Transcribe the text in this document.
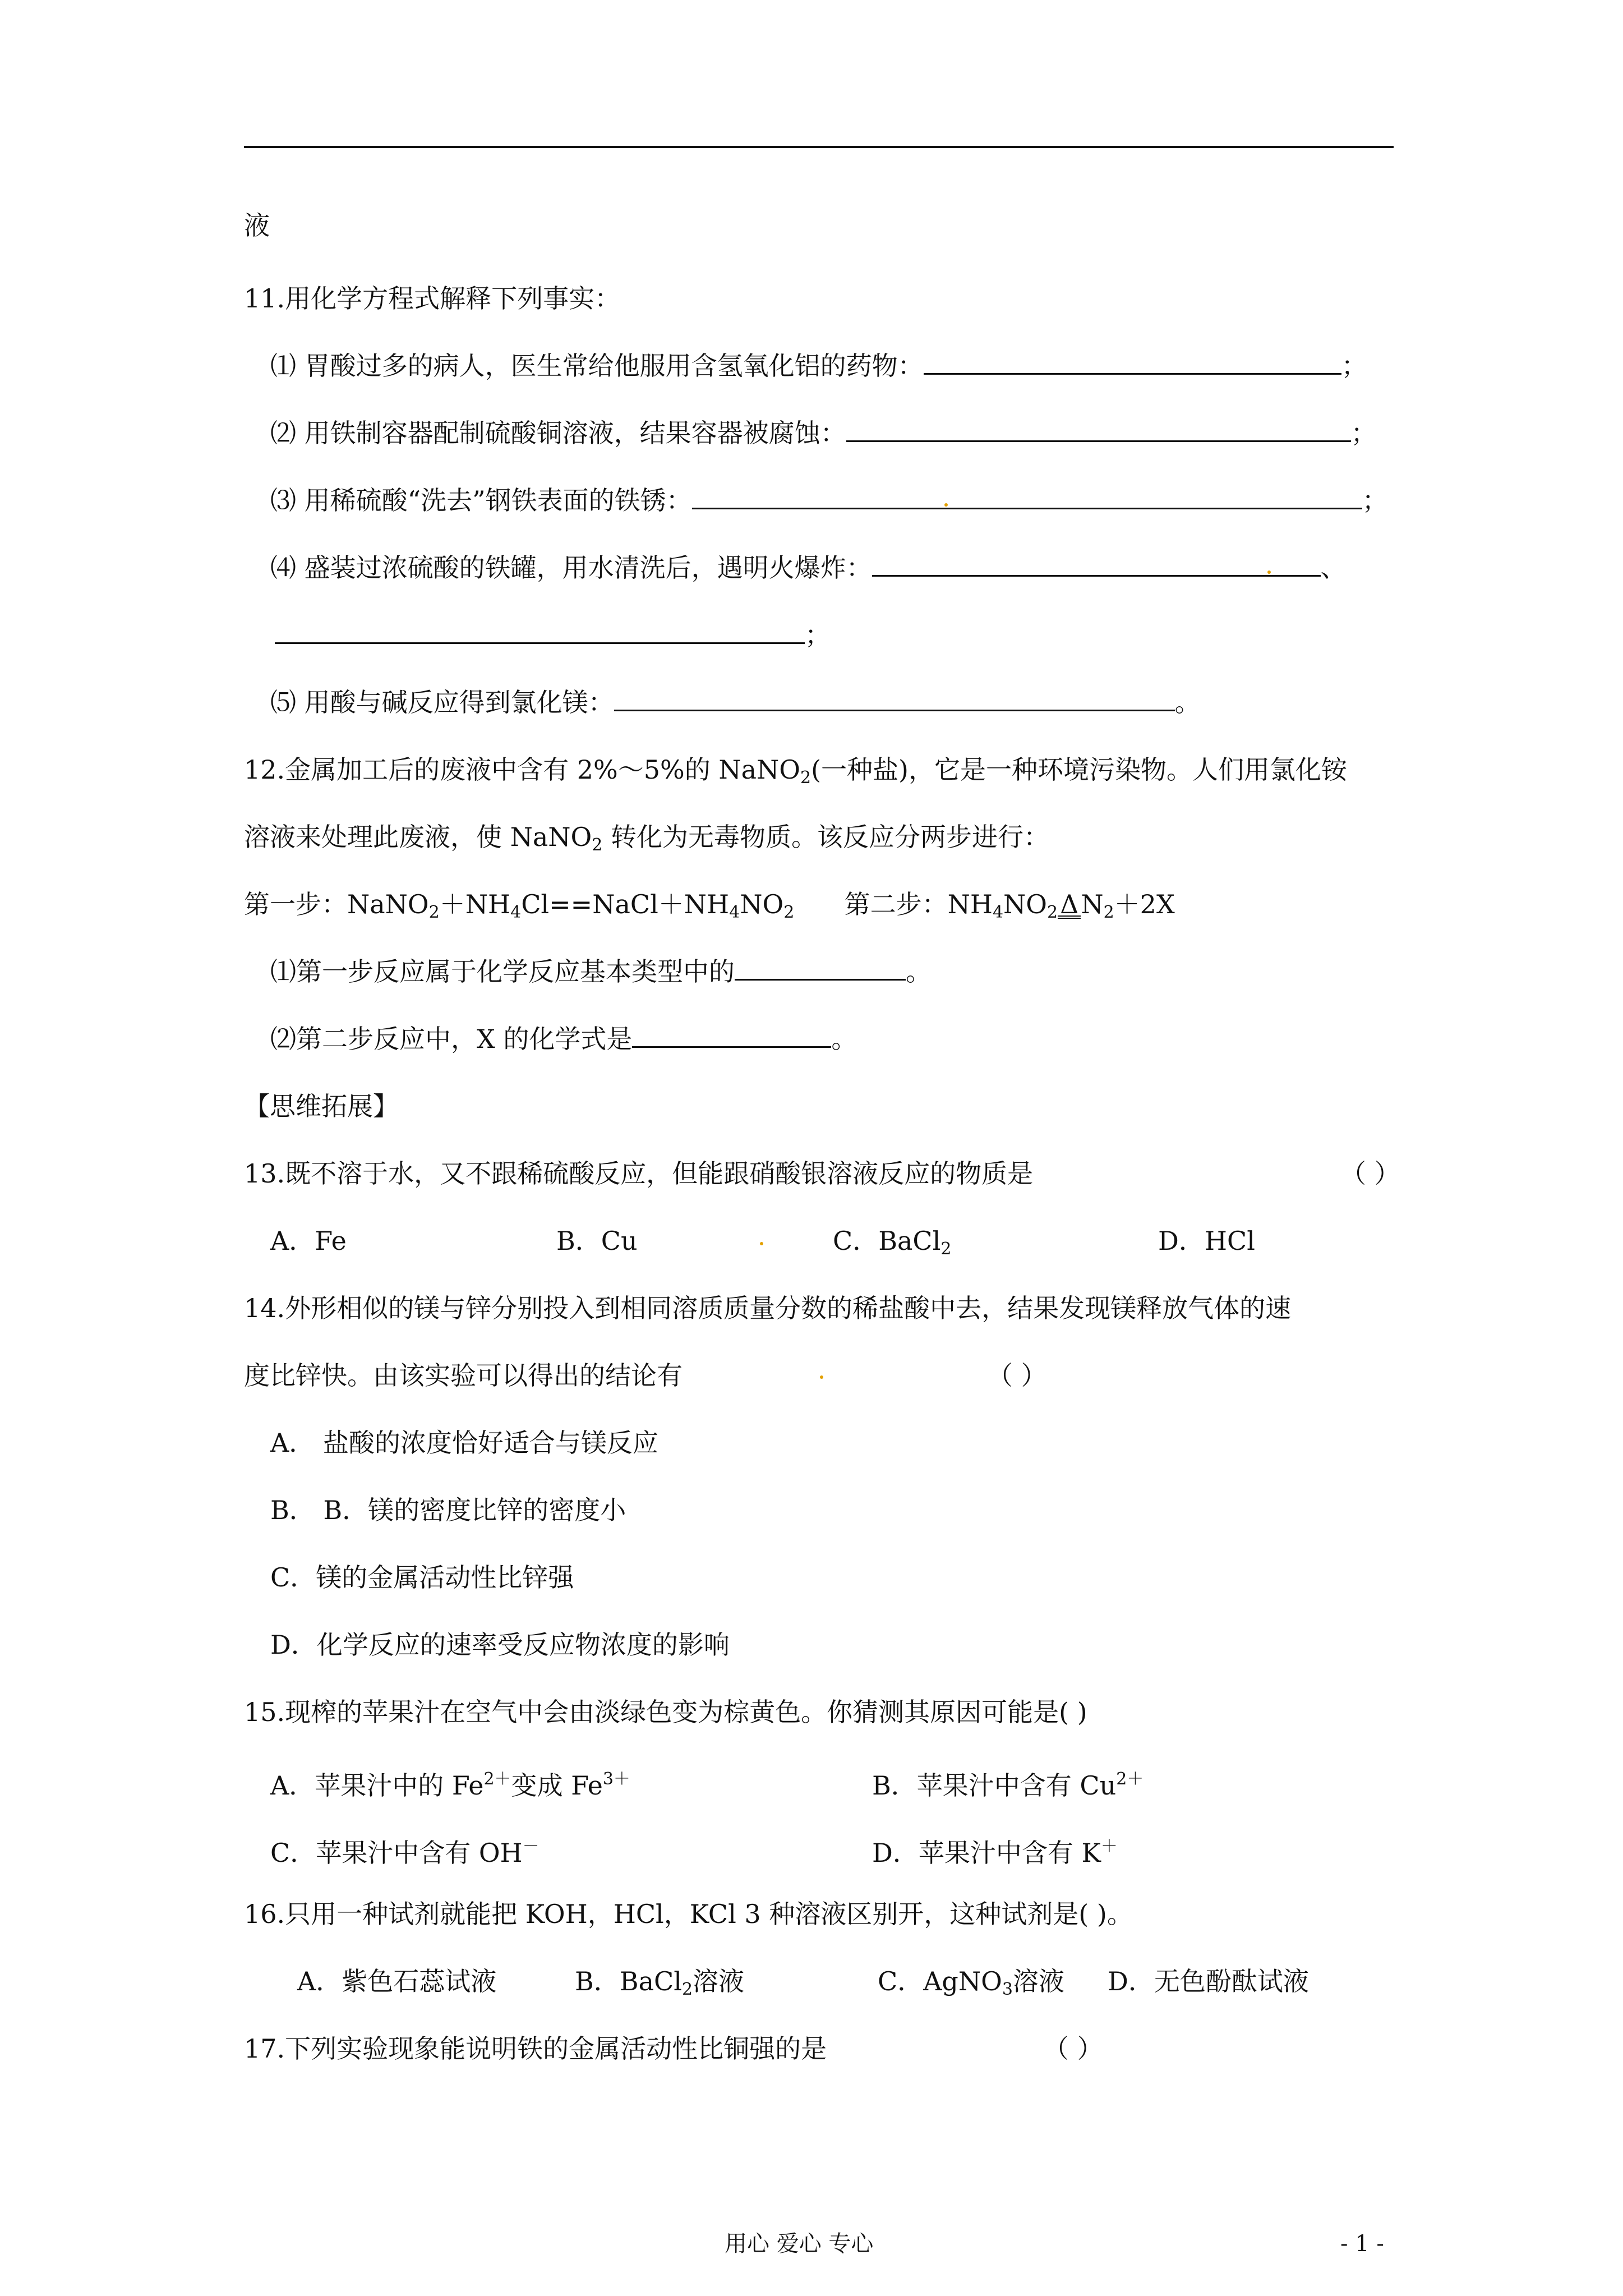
液
11.用化学方程式解释下列事实：
⑴ 胃酸过多的病人，医生常给他服用含氢氧化铝的药物：	；
⑵ 用铁制容器配制硫酸铜溶液，结果容器被腐蚀：	；
⑶ 用稀硫酸“洗去”钢铁表面的铁锈：	；
⑷ 盛装过浓硫酸的铁罐，用水清洗后，遇明火爆炸：	、
；
⑸ 用酸与碱反应得到氯化镁：	。
12.金属加工后的废液中含有 2%～5%的 NaNO$_2$(一种盐)，它是一种环境污染物。人们用氯化铵
溶液来处理此废液，使 NaNO$_2$ 转化为无毒物质。该反应分两步进行：
第一步：$NaNO_2+NH_4Cl==NaCl+NH_4NO_2$ 第二步：$NH_4NO_2\Delta N_2+2X$
⑴第一步反应属于化学反应基本类型中的	。
⑵第二步反应中，X 的化学式是	。
【思维拓展】
13.既不溶于水，又不跟稀硫酸反应，但能跟硝酸银溶液反应的物质是	（ ）
A．Fe	B．Cu	C．BaCl$_2$	D．HCl
14.外形相似的镁与锌分别投入到相同溶质质量分数的稀盐酸中去，结果发现镁释放气体的速
度比锌快。由该实验可以得出的结论有	（ ）
A． 盐酸的浓度恰好适合与镁反应
B． B．镁的密度比锌的密度小
C．镁的金属活动性比锌强
D．化学反应的速率受反应物浓度的影响
15.现榨的苹果汁在空气中会由淡绿色变为棕黄色。你猜测其原因可能是( )
A．苹果汁中的 $Fe^{2+}$变成 $Fe^{3+}$	B．苹果汁中含有 $Cu^{2+}$
C．苹果汁中含有 OH－	D．苹果汁中含有 K＋
16.只用一种试剂就能把 KOH，HCl，KCl 3 种溶液区别开，这种试剂是( )。
A．紫色石蕊试液	B．BaCl$_2$溶液	C．AgNO$_3$溶液 D．无色酚酞试液
17.下列实验现象能说明铁的金属活动性比铜强的是	（ ）
用心 爱心 专心	- 1 -
